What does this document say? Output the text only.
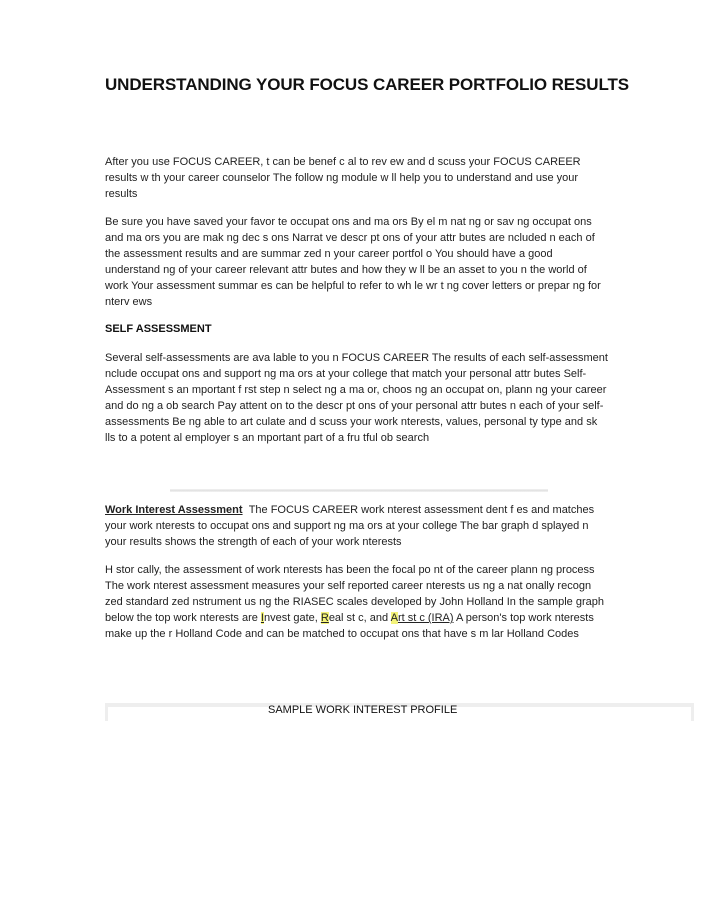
UNDERSTANDING YOUR FOCUS CAREER PORTFOLIO RESULTS
After you use FOCUS CAREER, t can be benef c al to rev ew and d scuss your FOCUS CAREER results w th your career counselor The follow ng module w ll help you to understand and use your results
Be sure you have saved your favor te occupat ons and ma ors By el m nat ng or sav ng occupat ons and ma ors you are mak ng dec s ons Narrat ve descr pt ons of your attr butes are ncluded n each of the assessment results and are summar zed n your career portfol o You should have a good understand ng of your career relevant attr butes and how they w ll be an asset to you n the world of work Your assessment summar es can be helpful to refer to wh le wr t ng cover letters or prepar ng for nterv ews
SELF ASSESSMENT
Several self-assessments are ava lable to you n FOCUS CAREER The results of each self-assessment nclude occupat ons and support ng ma ors at your college that match your personal attr butes Self-Assessment s an mportant f rst step n select ng a ma or, choos ng an occupat on, plann ng your career and do ng a ob search Pay attent on to the descr pt ons of your personal attr butes n each of your self- assessments Be ng able to art culate and d scuss your work nterests, values, personal ty type and sk lls to a potent al employer s an mportant part of a fru tful ob search
Work Interest Assessment The FOCUS CAREER work nterest assessment dent f es and matches your work nterests to occupat ons and support ng ma ors at your college The bar graph d splayed n your results shows the strength of each of your work nterests
H stor cally, the assessment of work nterests has been the focal po nt of the career plann ng process The work nterest assessment measures your self reported career nterests us ng a nat onally recogn zed standard zed nstrument us ng the RIASEC scales developed by John Holland In the sample graph below the top work nterests are Invest gate, Real st c, and Art st c (IRA) A person's top work nterests make up the r Holland Code and can be matched to occupat ons that have s m lar Holland Codes
SAMPLE WORK INTEREST PROFILE
